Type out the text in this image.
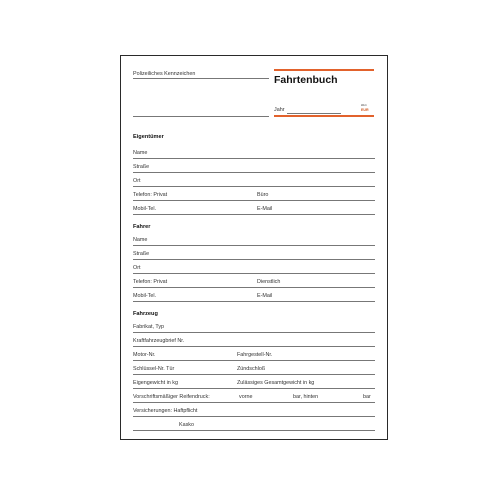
Polizeiliches Kennzeichen	Fahrtenbuch
Jahr
Wert
EUR
Eigentümer
Name
Straße
Ort
Telefon: Privat	Büro
Mobil-Tel.	E-Mail
Fahrer
Name
Straße
Ort
Telefon: Privat	Dienstlich
Mobil-Tel.	E-Mail
Fahrzeug
Fabrikat, Typ
Kraftfahrzeugbrief Nr.
Motor-Nr.	Fahrgestell-Nr.
Schlüssel-Nr. Tür	Zündschloß
Eigengewicht in kg	Zulässiges Gesamtgewicht in kg
Vorschriftsmäßiger Reifendruck:	vorne	bar, hinten	bar
Versicherungen: Haftpflicht
Kasko
